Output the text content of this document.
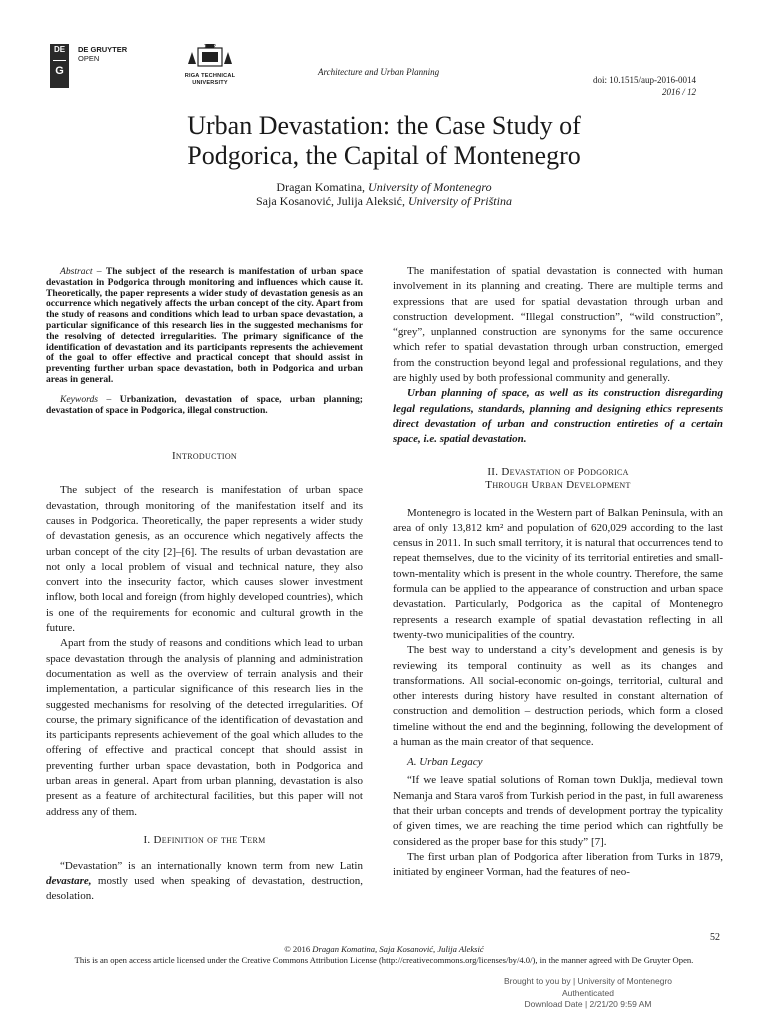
DE
G
DE GRUYTER
OPEN
1862
RIGA TECHNICAL
UNIVERSITY
Architecture and Urban Planning
doi: 10.1515/aup-2016-0014
2016 / 12
Urban Devastation: the Case Study of
Podgorica, the Capital of Montenegro
Dragan Komatina, University of Montenegro
Saja Kosanović, Julija Aleksić, University of Priština

Abstract – The subject of the research is manifestation of urban space devastation in Podgorica through monitoring and influences which cause it. Theoretically, the paper represents a wider study of devastation genesis as an occurrence which negatively affects the urban concept of the city. Apart from the study of reasons and conditions which lead to urban space devastation, a particular significance of this research lies in the suggested mechanisms for the resolving of detected irregularities. The primary significance of the identification of devastation and its participants represents the achievement of the goal to offer effective and practical concept that should assist in preventing further urban space devastation, both in Podgorica and urban areas in general.

Keywords – Urbanization, devastation of space, urban planning; devastation of space in Podgorica, illegal construction.

Introduction

The subject of the research is manifestation of urban space devastation, through monitoring of the manifestation itself and its causes in Podgorica. Theoretically, the paper represents a wider study of devastation genesis, as an occurence which negatively affects the urban concept of the city [2]–[6]. The results of urban devastation are not only a local problem of visual and technical nature, they also convert into the insecurity factor, which causes slower investment inflow, both local and foreign (from highly developed countries), which is one of the requirements for economic and cultural growth in the future.

Apart from the study of reasons and conditions which lead to urban space devastation through the analysis of planning and administration documentation as well as the overview of terrain analysis and their implementation, a particular significance of this research lies in the suggested mechanisms for resolving of the detected irregularities. Of course, the primary significance of the identification of devastation and its participants represents achievement of the goal which alludes to the offering of effective and practical concept that should assist in preventing further urban space devastation, both in Podgorica and urban areas in general. Apart from urban planning, devastation is also present as a feature of architectural facilities, but this paper will not address any of them.

I. Definition of the Term

“Devastation” is an internationally known term from new Latin devastare, mostly used when speaking of devastation, destruction, desolation.

The manifestation of spatial devastation is connected with human involvement in its planning and creating. There are multiple terms and expressions that are used for spatial devastation through urban and construction development. “Illegal construction”, “wild construction”, “grey”, unplanned construction are synonyms for the same occurence which refer to spatial devastation through urban construction, emerged from the construction beyond legal and professional regulations, and they are highly used by both professional community and generally.

Urban planning of space, as well as its construction disregarding legal regulations, standards, planning and designing ethics represents direct devastation of urban and construction entireties of a certain space, i.e. spatial devastation.

II. Devastation of Podgorica
Through Urban Development

Montenegro is located in the Western part of Balkan Peninsula, with an area of only 13,812 km² and population of 620,029 according to the last census in 2011. In such small territory, it is natural that occurrences tend to repeat themselves, due to the vicinity of its territorial entireties and small-town-mentality which is present in the whole country. Therefore, the same formula can be applied to the appearance of construction and urban space devastation. Particularly, Podgorica as the capital of Montenegro represents a research example of spatial devastation reflecting in all twenty-two municipalities of the country.

The best way to understand a city’s development and genesis is by reviewing its temporal continuity as well as its changes and transformations. All social-economic on-goings, territorial, cultural and other interests during history have resulted in constant alternation of construction and demolition – destruction periods, which form a closed timeline without the end and the beginning, following the development of a human as the main creator of that sequence.

A. Urban Legacy

“If we leave spatial solutions of Roman town Duklja, medieval town Nemanja and Stara varoš from Turkish period in the past, in full awareness that their urban concepts and trends of development portray the typicality of given times, we are reaching the time period which can rightfully be considered as the proper base for this study” [7].

The first urban plan of Podgorica after liberation from Turks in 1879, initiated by engineer Vorman, had the features of neo-

52
© 2016 Dragan Komatina, Saja Kosanović, Julija Aleksić
This is an open access article licensed under the Creative Commons Attribution License (http://creativecommons.org/licenses/by/4.0/), in the manner agreed with De Gruyter Open.
Brought to you by | University of Montenegro
Authenticated
Download Date | 2/21/20 9:59 AM
